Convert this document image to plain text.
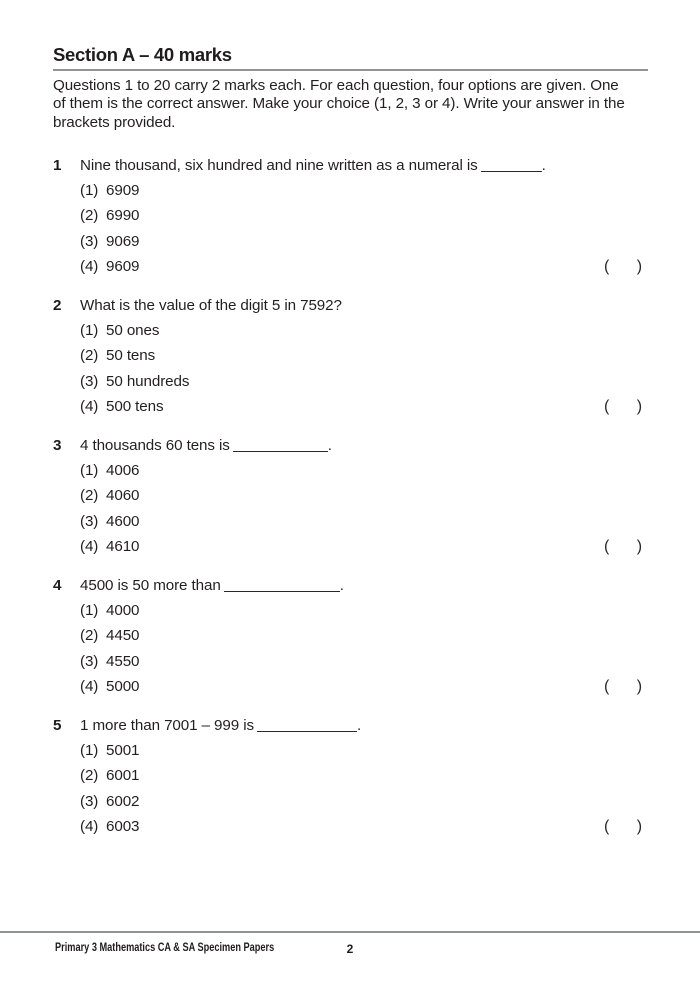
Section A – 40 marks
Questions 1 to 20 carry 2 marks each. For each question, four options are given. One
of them is the correct answer. Make your choice (1, 2, 3 or 4). Write your answer in the
brackets provided.
1	Nine thousand, six hundred and nine written as a numeral is	.
(1) 6909
(2) 6990
(3) 9069
(4) 9609	( )
2	What is the value of the digit 5 in 7592?
(1) 50 ones
(2) 50 tens
(3) 50 hundreds
(4) 500 tens	( )
3	4 thousands 60 tens is	.
(1) 4006
(2) 4060
(3) 4600
(4) 4610	( )
4	4500 is 50 more than	.
(1) 4000
(2) 4450
(3) 4550
(4) 5000	( )
5	1 more than 7001 – 999 is	.
(1) 5001
(2) 6001
(3) 6002
(4) 6003	( )
2
Primary 3 Mathematics CA & SA Specimen Papers
